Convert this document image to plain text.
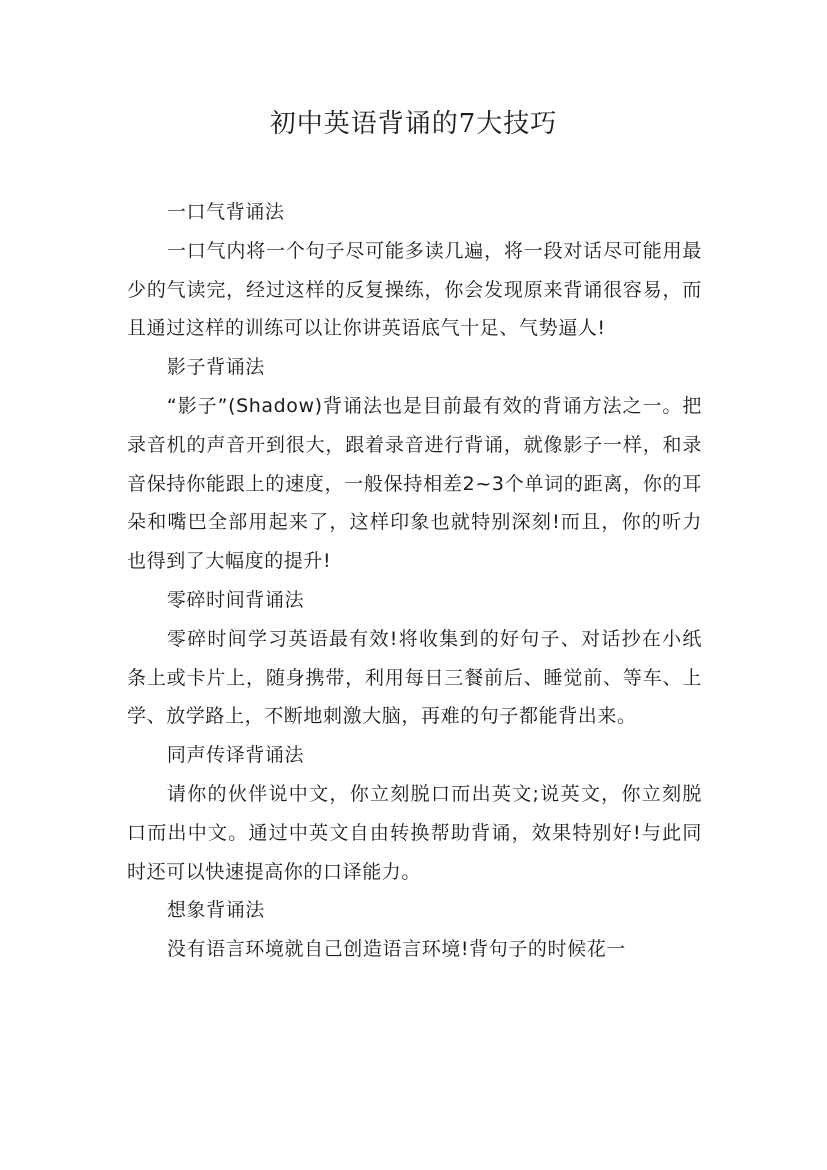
初中英语背诵的7大技巧

一口气背诵法

一口气内将一个句子尽可能多读几遍，将一段对话尽可能用最少的气读完，经过这样的反复操练，你会发现原来背诵很容易，而且通过这样的训练可以让你讲英语底气十足、气势逼人!

影子背诵法

“影子”(Shadow)背诵法也是目前最有效的背诵方法之一。把录音机的声音开到很大，跟着录音进行背诵，就像影子一样，和录音保持你能跟上的速度，一般保持相差2~3个单词的距离，你的耳朵和嘴巴全部用起来了，这样印象也就特别深刻!而且，你的听力也得到了大幅度的提升!

零碎时间背诵法

零碎时间学习英语最有效!将收集到的好句子、对话抄在小纸条上或卡片上，随身携带，利用每日三餐前后、睡觉前、等车、上学、放学路上，不断地刺激大脑，再难的句子都能背出来。

同声传译背诵法

请你的伙伴说中文，你立刻脱口而出英文;说英文，你立刻脱口而出中文。通过中英文自由转换帮助背诵，效果特别好!与此同时还可以快速提高你的口译能力。

想象背诵法

没有语言环境就自己创造语言环境!背句子的时候花一
